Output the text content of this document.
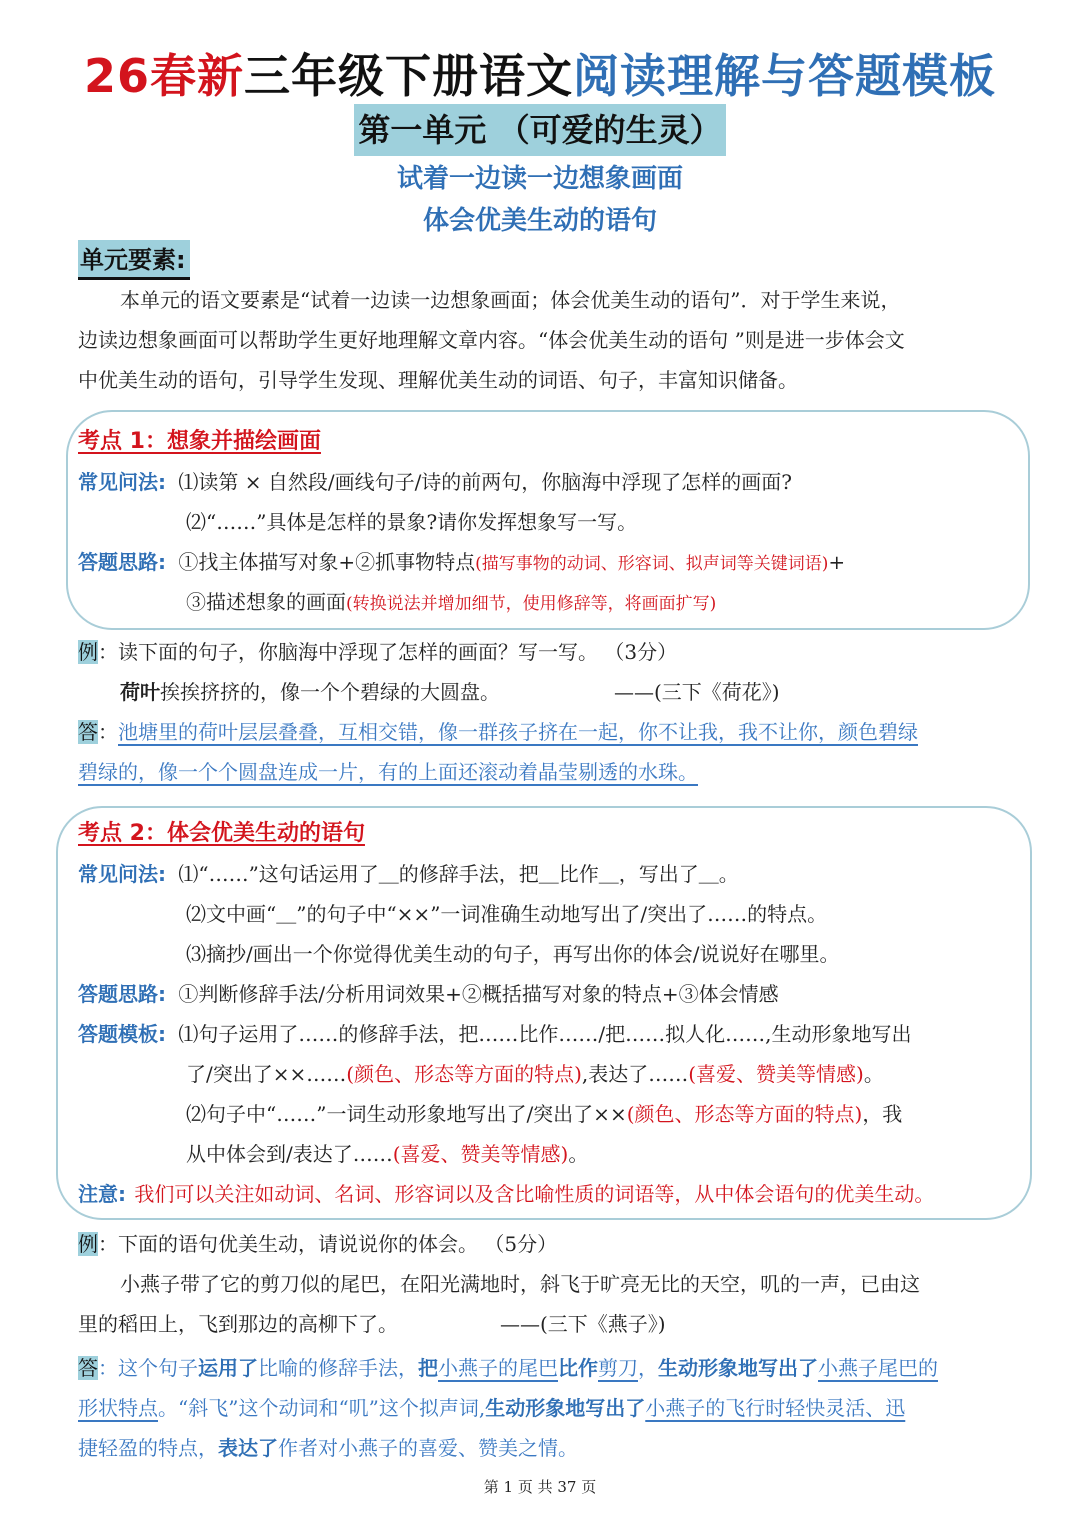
26春新三年级下册语文阅读理解与答题模板
第一单元 （可爱的生灵）
试着一边读一边想象画面
体会优美生动的语句
单元要素:
本单元的语文要素是“试着一边读一边想象画面；体会优美生动的语句”．对于学生来说，
边读边想象画面可以帮助学生更好地理解文章内容。“体会优美生动的语句 ”则是进一步体会文
中优美生动的语句，引导学生发现、理解优美生动的词语、句子，丰富知识储备。
考点 1：想象并描绘画面
常见问法: ⑴读第 × 自然段/画线句子/诗的前两句，你脑海中浮现了怎样的画面?
⑵“……”具体是怎样的景象?请你发挥想象写一写。
答题思路: ①找主体描写对象+②抓事物特点(描写事物的动词、形容词、拟声词等关键词语)+
③描述想象的画面(转换说法并增加细节，使用修辞等，将画面扩写)
例：读下面的句子，你脑海中浮现了怎样的画面？写一写。 （3分）
荷叶挨挨挤挤的，像一个个碧绿的大圆盘。	——(三下《荷花》)
答：池塘里的荷叶层层叠叠，互相交错，像一群孩子挤在一起，你不让我，我不让你，颜色碧绿
碧绿的，像一个个圆盘连成一片，有的上面还滚动着晶莹剔透的水珠。
考点 2：体会优美生动的语句
常见问法: ⑴“……”这句话运用了＿的修辞手法，把＿比作＿，写出了＿。
⑵文中画“＿”的句子中“××”一词准确生动地写出了/突出了……的特点。
⑶摘抄/画出一个你觉得优美生动的句子，再写出你的体会/说说好在哪里。
答题思路: ①判断修辞手法/分析用词效果+②概括描写对象的特点+③体会情感
答题模板: ⑴句子运用了……的修辞手法，把……比作……/把……拟人化……,生动形象地写出
了/突出了××……(颜色、形态等方面的特点),表达了……(喜爱、赞美等情感)。
⑵句子中“……”一词生动形象地写出了/突出了××(颜色、形态等方面的特点)，我
从中体会到/表达了……(喜爱、赞美等情感)。
注意: 我们可以关注如动词、名词、形容词以及含比喻性质的词语等，从中体会语句的优美生动。
例：下面的语句优美生动，请说说你的体会。 （5分）
小燕子带了它的剪刀似的尾巴，在阳光满地时，斜飞于旷亮无比的天空，叽的一声，已由这
里的稻田上，飞到那边的高柳下了。	——(三下《燕子》)
答：这个句子运用了比喻的修辞手法，把小燕子的尾巴比作剪刀，生动形象地写出了小燕子尾巴的
形状特点。“斜飞”这个动词和“叽”这个拟声词,生动形象地写出了小燕子的飞行时轻快灵活、迅
捷轻盈的特点，表达了作者对小燕子的喜爱、赞美之情。
第 1 页 共 37 页
